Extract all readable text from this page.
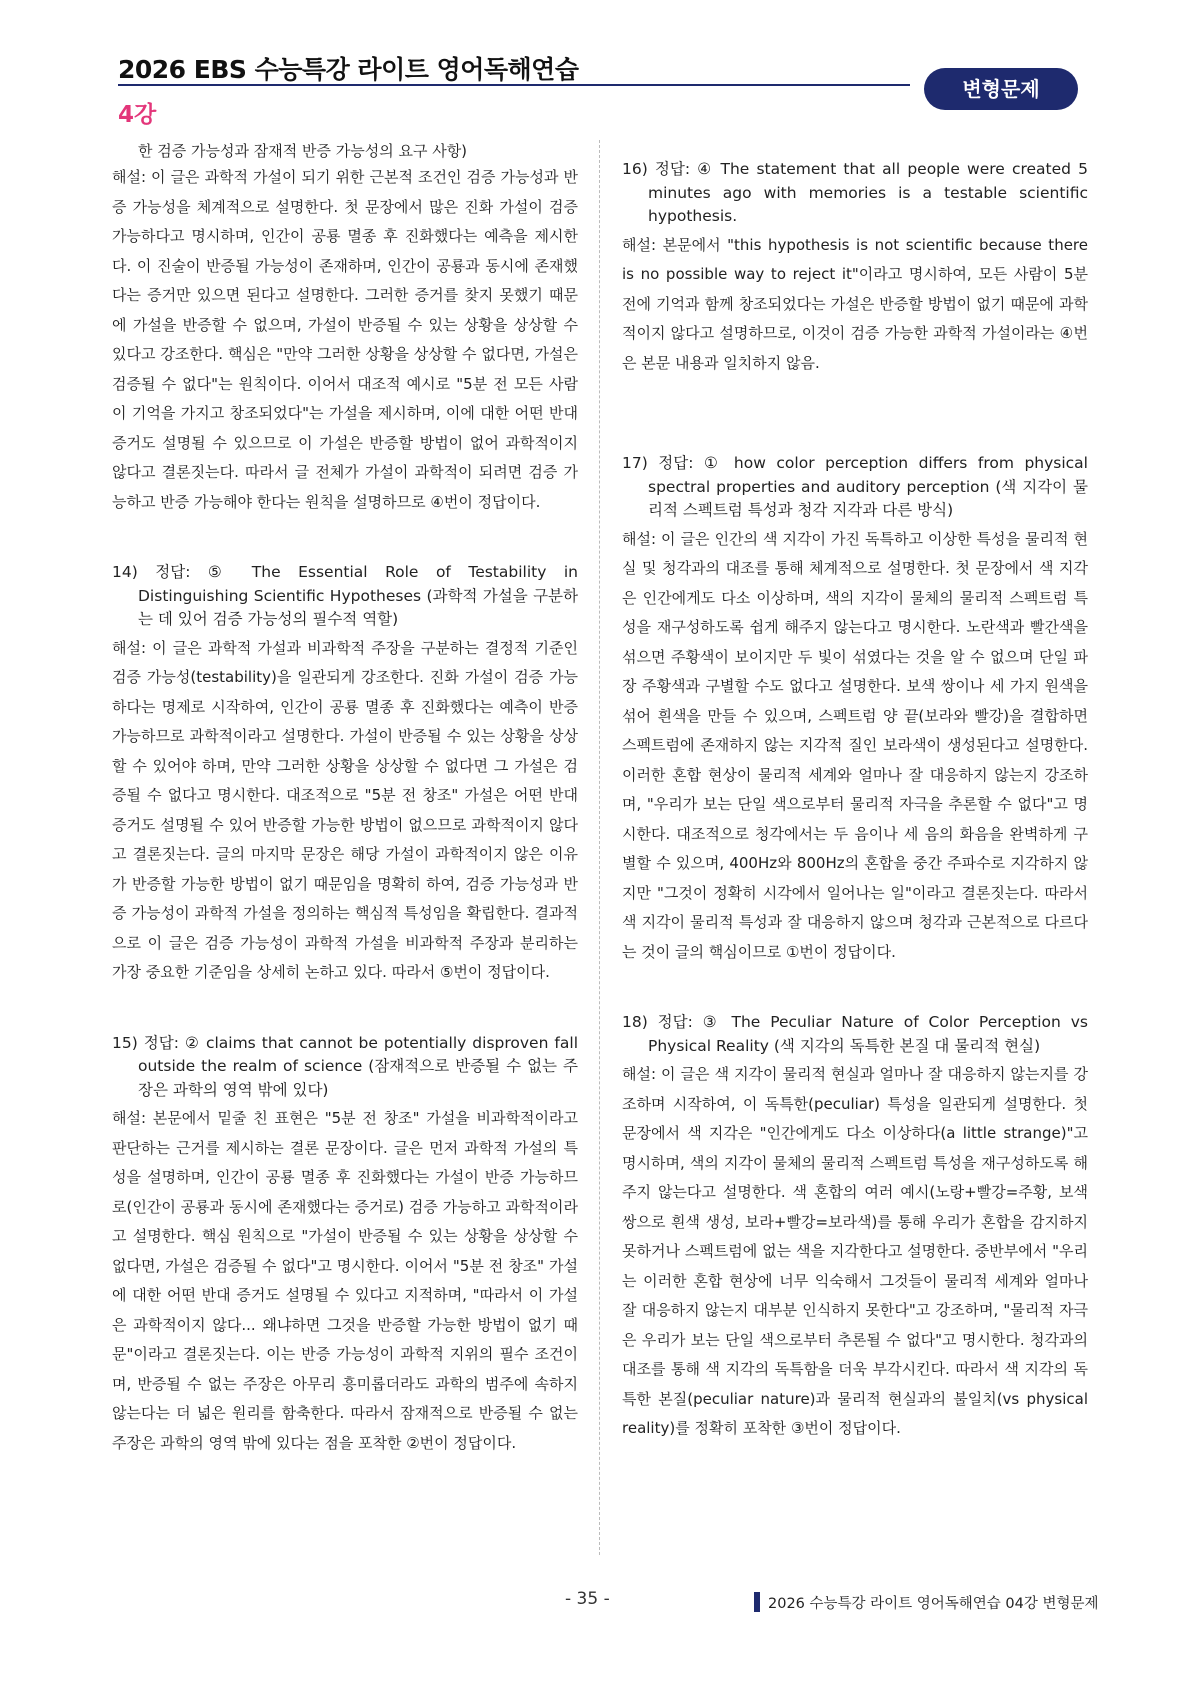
2026 EBS 수능특강 라이트 영어독해연습
4강
변형문제

한 검증 가능성과 잠재적 반증 가능성의 요구 사항)

해설: 이 글은 과학적 가설이 되기 위한 근본적 조건인 검증 가능성과 반증 가능성을 체계적으로 설명한다. 첫 문장에서 많은 진화 가설이 검증 가능하다고 명시하며, 인간이 공룡 멸종 후 진화했다는 예측을 제시한다. 이 진술이 반증될 가능성이 존재하며, 인간이 공룡과 동시에 존재했다는 증거만 있으면 된다고 설명한다. 그러한 증거를 찾지 못했기 때문에 가설을 반증할 수 없으며, 가설이 반증될 수 있는 상황을 상상할 수 있다고 강조한다. 핵심은 "만약 그러한 상황을 상상할 수 없다면, 가설은 검증될 수 없다"는 원칙이다. 이어서 대조적 예시로 "5분 전 모든 사람이 기억을 가지고 창조되었다"는 가설을 제시하며, 이에 대한 어떤 반대 증거도 설명될 수 있으므로 이 가설은 반증할 방법이 없어 과학적이지 않다고 결론짓는다. 따라서 글 전체가 가설이 과학적이 되려면 검증 가능하고 반증 가능해야 한다는 원칙을 설명하므로 ④번이 정답이다.

14) 정답: ⑤ The Essential Role of Testability in Distinguishing Scientific Hypotheses (과학적 가설을 구분하는 데 있어 검증 가능성의 필수적 역할)

해설: 이 글은 과학적 가설과 비과학적 주장을 구분하는 결정적 기준인 검증 가능성(testability)을 일관되게 강조한다. 진화 가설이 검증 가능하다는 명제로 시작하여, 인간이 공룡 멸종 후 진화했다는 예측이 반증 가능하므로 과학적이라고 설명한다. 가설이 반증될 수 있는 상황을 상상할 수 있어야 하며, 만약 그러한 상황을 상상할 수 없다면 그 가설은 검증될 수 없다고 명시한다. 대조적으로 "5분 전 창조" 가설은 어떤 반대 증거도 설명될 수 있어 반증할 가능한 방법이 없으므로 과학적이지 않다고 결론짓는다. 글의 마지막 문장은 해당 가설이 과학적이지 않은 이유가 반증할 가능한 방법이 없기 때문임을 명확히 하여, 검증 가능성과 반증 가능성이 과학적 가설을 정의하는 핵심적 특성임을 확립한다. 결과적으로 이 글은 검증 가능성이 과학적 가설을 비과학적 주장과 분리하는 가장 중요한 기준임을 상세히 논하고 있다. 따라서 ⑤번이 정답이다.

15) 정답: ② claims that cannot be potentially disproven fall outside the realm of science (잠재적으로 반증될 수 없는 주장은 과학의 영역 밖에 있다)

해설: 본문에서 밑줄 친 표현은 "5분 전 창조" 가설을 비과학적이라고 판단하는 근거를 제시하는 결론 문장이다. 글은 먼저 과학적 가설의 특성을 설명하며, 인간이 공룡 멸종 후 진화했다는 가설이 반증 가능하므로(인간이 공룡과 동시에 존재했다는 증거로) 검증 가능하고 과학적이라고 설명한다. 핵심 원칙으로 "가설이 반증될 수 있는 상황을 상상할 수 없다면, 가설은 검증될 수 없다"고 명시한다. 이어서 "5분 전 창조" 가설에 대한 어떤 반대 증거도 설명될 수 있다고 지적하며, "따라서 이 가설은 과학적이지 않다... 왜냐하면 그것을 반증할 가능한 방법이 없기 때문"이라고 결론짓는다. 이는 반증 가능성이 과학적 지위의 필수 조건이며, 반증될 수 없는 주장은 아무리 흥미롭더라도 과학의 범주에 속하지 않는다는 더 넓은 원리를 함축한다. 따라서 잠재적으로 반증될 수 없는 주장은 과학의 영역 밖에 있다는 점을 포착한 ②번이 정답이다.

16) 정답: ④ The statement that all people were created 5 minutes ago with memories is a testable scientific hypothesis.

해설: 본문에서 "this hypothesis is not scientific because there is no possible way to reject it"이라고 명시하여, 모든 사람이 5분 전에 기억과 함께 창조되었다는 가설은 반증할 방법이 없기 때문에 과학적이지 않다고 설명하므로, 이것이 검증 가능한 과학적 가설이라는 ④번은 본문 내용과 일치하지 않음.

17) 정답: ① how color perception differs from physical spectral properties and auditory perception (색 지각이 물리적 스펙트럼 특성과 청각 지각과 다른 방식)

해설: 이 글은 인간의 색 지각이 가진 독특하고 이상한 특성을 물리적 현실 및 청각과의 대조를 통해 체계적으로 설명한다. 첫 문장에서 색 지각은 인간에게도 다소 이상하며, 색의 지각이 물체의 물리적 스펙트럼 특성을 재구성하도록 쉽게 해주지 않는다고 명시한다. 노란색과 빨간색을 섞으면 주황색이 보이지만 두 빛이 섞였다는 것을 알 수 없으며 단일 파장 주황색과 구별할 수도 없다고 설명한다. 보색 쌍이나 세 가지 원색을 섞어 흰색을 만들 수 있으며, 스펙트럼 양 끝(보라와 빨강)을 결합하면 스펙트럼에 존재하지 않는 지각적 질인 보라색이 생성된다고 설명한다. 이러한 혼합 현상이 물리적 세계와 얼마나 잘 대응하지 않는지 강조하며, "우리가 보는 단일 색으로부터 물리적 자극을 추론할 수 없다"고 명시한다. 대조적으로 청각에서는 두 음이나 세 음의 화음을 완벽하게 구별할 수 있으며, 400Hz와 800Hz의 혼합을 중간 주파수로 지각하지 않지만 "그것이 정확히 시각에서 일어나는 일"이라고 결론짓는다. 따라서 색 지각이 물리적 특성과 잘 대응하지 않으며 청각과 근본적으로 다르다는 것이 글의 핵심이므로 ①번이 정답이다.

18) 정답: ③ The Peculiar Nature of Color Perception vs Physical Reality (색 지각의 독특한 본질 대 물리적 현실)

해설: 이 글은 색 지각이 물리적 현실과 얼마나 잘 대응하지 않는지를 강조하며 시작하여, 이 독특한(peculiar) 특성을 일관되게 설명한다. 첫 문장에서 색 지각은 "인간에게도 다소 이상하다(a little strange)"고 명시하며, 색의 지각이 물체의 물리적 스펙트럼 특성을 재구성하도록 해주지 않는다고 설명한다. 색 혼합의 여러 예시(노랑+빨강=주황, 보색 쌍으로 흰색 생성, 보라+빨강=보라색)를 통해 우리가 혼합을 감지하지 못하거나 스펙트럼에 없는 색을 지각한다고 설명한다. 중반부에서 "우리는 이러한 혼합 현상에 너무 익숙해서 그것들이 물리적 세계와 얼마나 잘 대응하지 않는지 대부분 인식하지 못한다"고 강조하며, "물리적 자극은 우리가 보는 단일 색으로부터 추론될 수 없다"고 명시한다. 청각과의 대조를 통해 색 지각의 독특함을 더욱 부각시킨다. 따라서 색 지각의 독특한 본질(peculiar nature)과 물리적 현실과의 불일치(vs physical reality)를 정확히 포착한 ③번이 정답이다.

- 35 -	2026 수능특강 라이트 영어독해연습 04강 변형문제
